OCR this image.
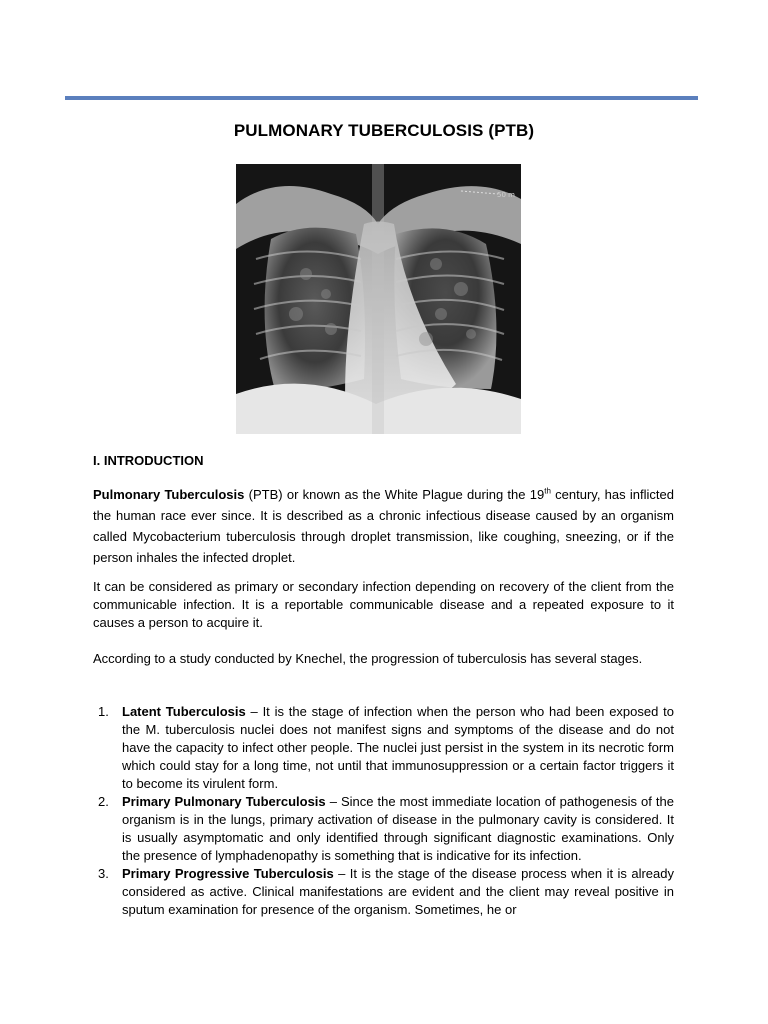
PULMONARY TUBERCULOSIS (PTB)
50 m
I. INTRODUCTION
Pulmonary Tuberculosis (PTB) or known as the White Plague during the 19th century, has inflicted the human race ever since. It is described as a chronic infectious disease caused by an organism called Mycobacterium tuberculosis through droplet transmission, like coughing, sneezing, or if the person inhales the infected droplet.
It can be considered as primary or secondary infection depending on recovery of the client from the communicable infection. It is a reportable communicable disease and a repeated exposure to it causes a person to acquire it.
According to a study conducted by Knechel, the progression of tuberculosis has several stages.
1. Latent Tuberculosis – It is the stage of infection when the person who had been exposed to the M. tuberculosis nuclei does not manifest signs and symptoms of the disease and do not have the capacity to infect other people. The nuclei just persist in the system in its necrotic form which could stay for a long time, not until that immunosuppression or a certain factor triggers it to become its virulent form.
2. Primary Pulmonary Tuberculosis – Since the most immediate location of pathogenesis of the organism is in the lungs, primary activation of disease in the pulmonary cavity is considered. It is usually asymptomatic and only identified through significant diagnostic examinations. Only the presence of lymphadenopathy is something that is indicative for its infection.
3. Primary Progressive Tuberculosis – It is the stage of the disease process when it is already considered as active. Clinical manifestations are evident and the client may reveal positive in sputum examination for presence of the organism. Sometimes, he or
